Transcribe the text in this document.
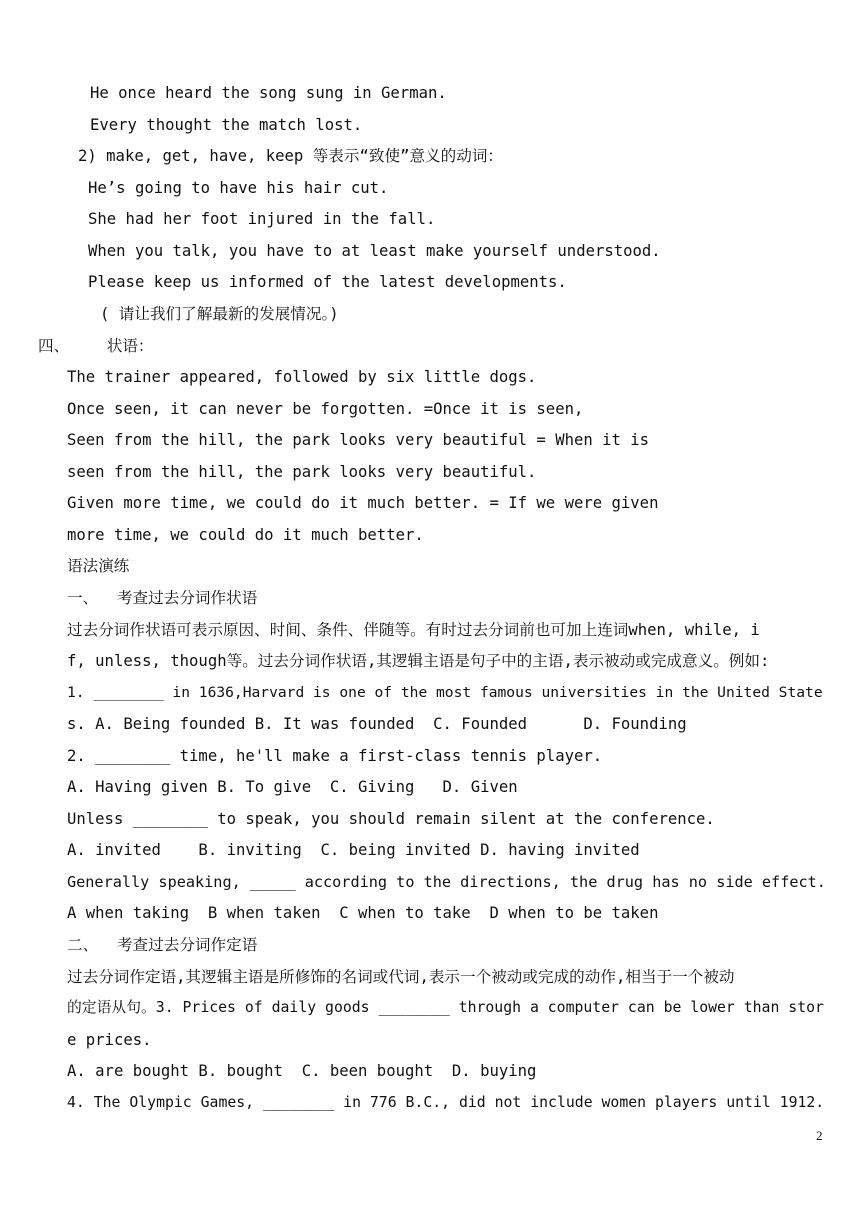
He once heard the song sung in German.
Every thought the match lost.
2) make, get, have, keep 等表示“致使”意义的动词：
He’s going to have his hair cut.
She had her foot injured in the fall.
When you talk, you have to at least make yourself understood.
Please keep us informed of the latest developments.
( 请让我们了解最新的发展情况。)
四、    状语：
The trainer appeared, followed by six little dogs.
Once seen, it can never be forgotten. =Once it is seen,
Seen from the hill, the park looks very beautiful = When it is
seen from the hill, the park looks very beautiful.
Given more time, we could do it much better. = If we were given
more time, we could do it much better.
语法演练
一、  考查过去分词作状语
过去分词作状语可表示原因、时间、条件、伴随等。有时过去分词前也可加上连词when, while, i
f, unless, though等。过去分词作状语,其逻辑主语是句子中的主语,表示被动或完成意义。例如:
1. ________ in 1636,Harvard is one of the most famous universities in the United State
s. A. Being founded B. It was founded  C. Founded      D. Founding
2. ________ time, he'll make a first-class tennis player.
A. Having given B. To give  C. Giving   D. Given
Unless ________ to speak, you should remain silent at the conference.
A. invited    B. inviting  C. being invited D. having invited
Generally speaking, _____ according to the directions, the drug has no side effect.
A when taking  B when taken  C when to take  D when to be taken
二、  考查过去分词作定语
过去分词作定语,其逻辑主语是所修饰的名词或代词,表示一个被动或完成的动作,相当于一个被动
的定语从句。3. Prices of daily goods ________ through a computer can be lower than stor
e prices.
A. are bought B. bought  C. been bought  D. buying
4. The Olympic Games, ________ in 776 B.C., did not include women players until 1912.
2
